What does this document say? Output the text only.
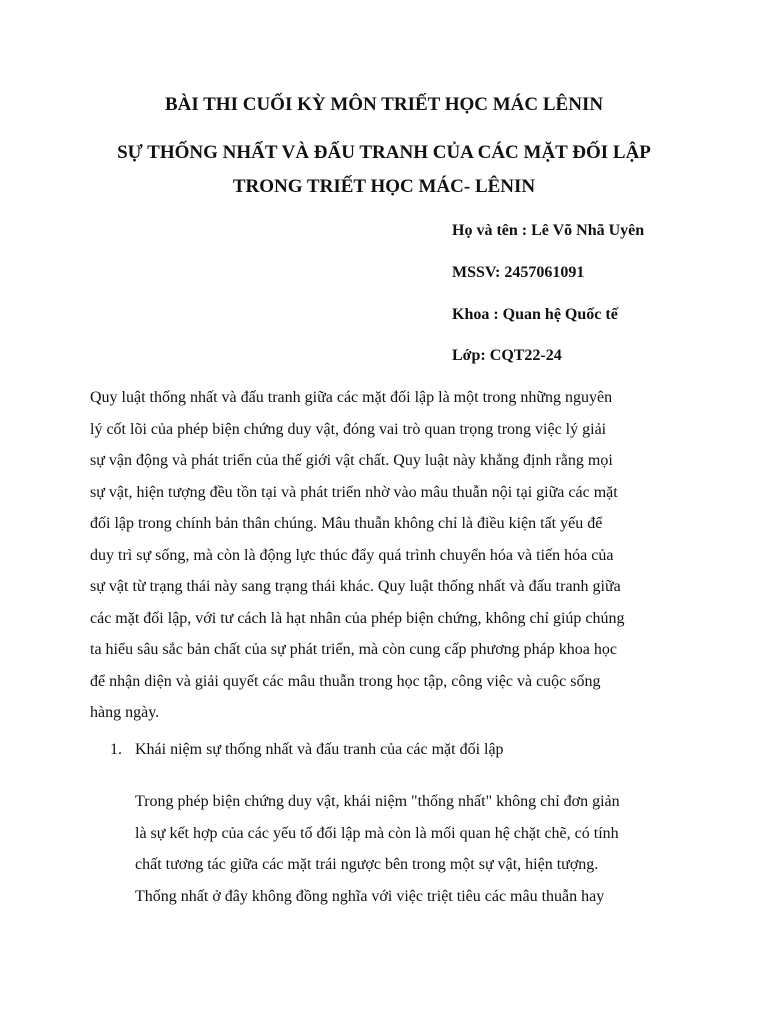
BÀI THI CUỐI KỲ MÔN TRIẾT HỌC MÁC LÊNIN
SỰ THỐNG NHẤT VÀ ĐẤU TRANH CỦA CÁC MẶT ĐỐI LẬP
TRONG TRIẾT HỌC MÁC- LÊNIN

Họ và tên : Lê Võ Nhã Uyên

MSSV: 2457061091

Khoa : Quan hệ Quốc tế

Lớp: CQT22-24

Quy luật thống nhất và đấu tranh giữa các mặt đối lập là một trong những nguyên
lý cốt lõi của phép biện chứng duy vật, đóng vai trò quan trọng trong việc lý giải
sự vận động và phát triển của thế giới vật chất. Quy luật này khẳng định rằng mọi
sự vật, hiện tượng đều tồn tại và phát triển nhờ vào mâu thuẫn nội tại giữa các mặt
đối lập trong chính bản thân chúng. Mâu thuẫn không chỉ là điều kiện tất yếu để
duy trì sự sống, mà còn là động lực thúc đẩy quá trình chuyển hóa và tiến hóa của
sự vật từ trạng thái này sang trạng thái khác. Quy luật thống nhất và đấu tranh giữa
các mặt đối lập, với tư cách là hạt nhân của phép biện chứng, không chỉ giúp chúng
ta hiểu sâu sắc bản chất của sự phát triển, mà còn cung cấp phương pháp khoa học
để nhận diện và giải quyết các mâu thuẫn trong học tập, công việc và cuộc sống
hàng ngày.

1. Khái niệm sự thống nhất và đấu tranh của các mặt đối lập

Trong phép biện chứng duy vật, khái niệm "thống nhất" không chỉ đơn giản
là sự kết hợp của các yếu tố đối lập mà còn là mối quan hệ chặt chẽ, có tính
chất tương tác giữa các mặt trái ngược bên trong một sự vật, hiện tượng.
Thống nhất ở đây không đồng nghĩa với việc triệt tiêu các mâu thuẫn hay
